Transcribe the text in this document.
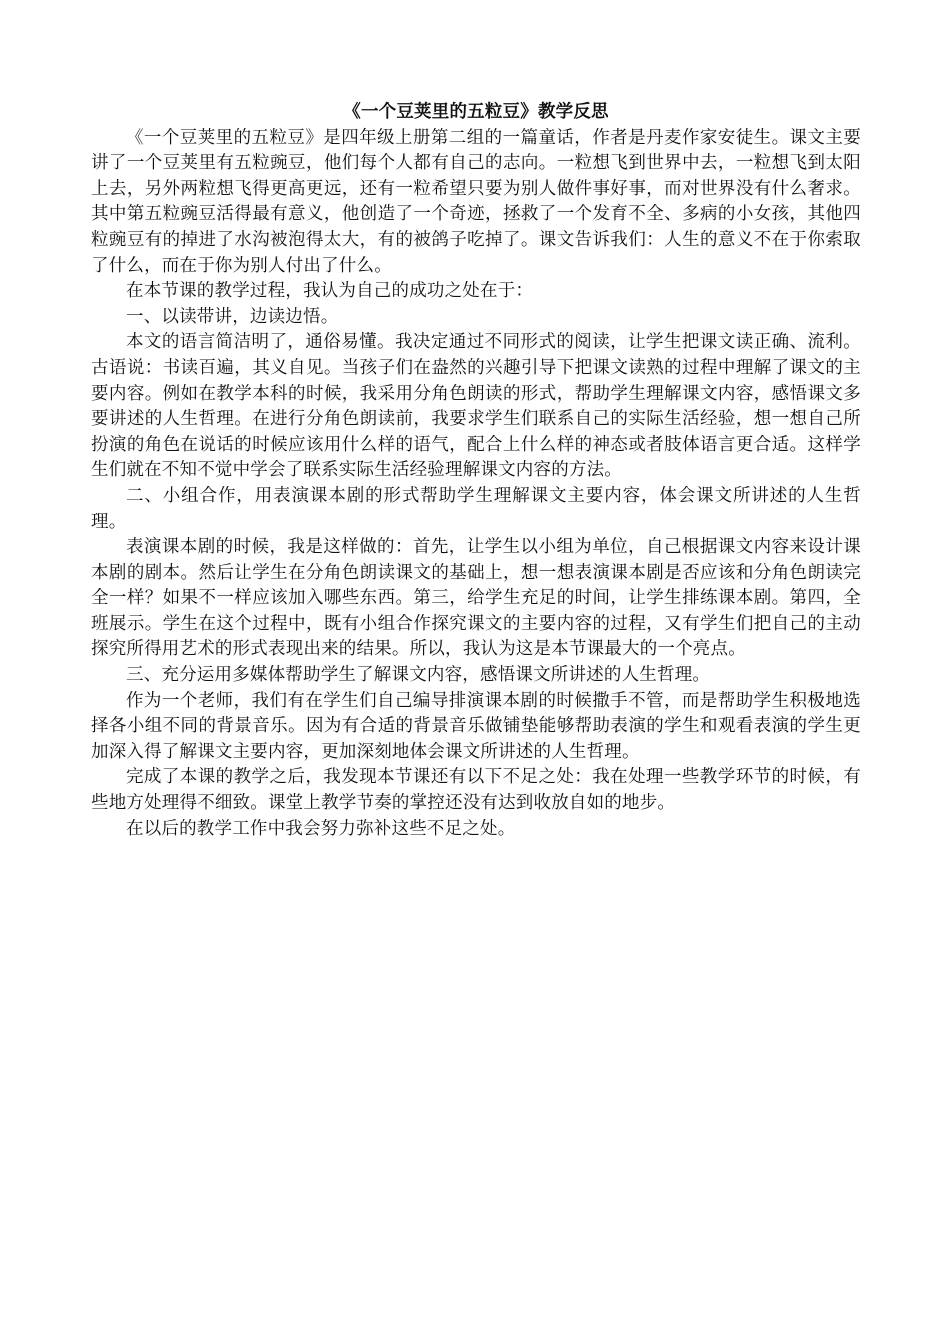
《一个豆荚里的五粒豆》教学反思

《一个豆荚里的五粒豆》是四年级上册第二组的一篇童话，作者是丹麦作家安徒生。课文主要讲了一个豆荚里有五粒豌豆，他们每个人都有自己的志向。一粒想飞到世界中去，一粒想飞到太阳上去，另外两粒想飞得更高更远，还有一粒希望只要为别人做件事好事，而对世界没有什么奢求。其中第五粒豌豆活得最有意义，他创造了一个奇迹，拯救了一个发育不全、多病的小女孩，其他四粒豌豆有的掉进了水沟被泡得太大，有的被鸽子吃掉了。课文告诉我们：人生的意义不在于你索取了什么，而在于你为别人付出了什么。

在本节课的教学过程，我认为自己的成功之处在于：

一、以读带讲，边读边悟。

本文的语言简洁明了，通俗易懂。我决定通过不同形式的阅读，让学生把课文读正确、流利。古语说：书读百遍，其义自见。当孩子们在盎然的兴趣引导下把课文读熟的过程中理解了课文的主要内容。例如在教学本科的时候，我采用分角色朗读的形式，帮助学生理解课文内容，感悟课文多要讲述的人生哲理。在进行分角色朗读前，我要求学生们联系自己的实际生活经验，想一想自己所扮演的角色在说话的时候应该用什么样的语气，配合上什么样的神态或者肢体语言更合适。这样学生们就在不知不觉中学会了联系实际生活经验理解课文内容的方法。

二、小组合作，用表演课本剧的形式帮助学生理解课文主要内容，体会课文所讲述的人生哲理。

表演课本剧的时候，我是这样做的：首先，让学生以小组为单位，自己根据课文内容来设计课本剧的剧本。然后让学生在分角色朗读课文的基础上，想一想表演课本剧是否应该和分角色朗读完全一样？如果不一样应该加入哪些东西。第三，给学生充足的时间，让学生排练课本剧。第四，全班展示。学生在这个过程中，既有小组合作探究课文的主要内容的过程，又有学生们把自己的主动探究所得用艺术的形式表现出来的结果。所以，我认为这是本节课最大的一个亮点。

三、充分运用多媒体帮助学生了解课文内容，感悟课文所讲述的人生哲理。

作为一个老师，我们有在学生们自己编导排演课本剧的时候撒手不管，而是帮助学生积极地选择各小组不同的背景音乐。因为有合适的背景音乐做铺垫能够帮助表演的学生和观看表演的学生更加深入得了解课文主要内容，更加深刻地体会课文所讲述的人生哲理。

完成了本课的教学之后，我发现本节课还有以下不足之处：我在处理一些教学环节的时候，有些地方处理得不细致。课堂上教学节奏的掌控还没有达到收放自如的地步。

在以后的教学工作中我会努力弥补这些不足之处。
